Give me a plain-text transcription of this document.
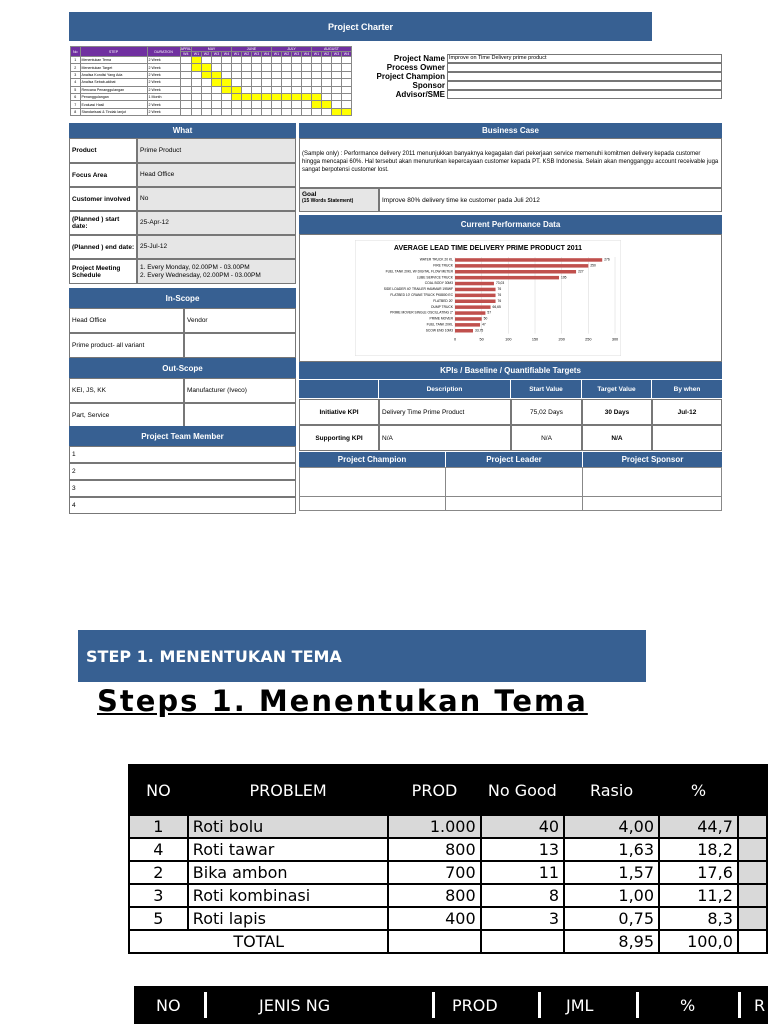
Project Charter
No	STEP	DURATION	APRIL	MAY				JUNE				JULY				AUGUST			
			W4	W1	W2	W3	W4	W1	W2	W3	W4	W1	W2	W3	W4	W1	W2	W3	W4
1	Menentukan Tema	2 Week																	
2	Menentukan Target	2 Week																	
3	Analisa Kondisi Yang Ada	2 Week																	
4	Analisa Sebab-akibat	2 Week																	
5	Rencana Penanggulangan	2 Week																	
6	Penanggulangan	1 Month																	
7	Evaluasi Hasil	2 Week																	
8	Standarisasi & Tindak lanjut	2 Week																	
Project Name Improve on Time Delivery prime product
Process Owner
Project Champion
Sponsor
Advisor/SME
What
Product	Prime Product
Focus Area	Head Office
Customer involved	No
(Planned ) start date:
25-Apr-12
(Planned ) end date: 25-Jul-12
Project Meeting Schedule
1. Every Monday, 02.00PM - 03.00PM
2. Every Wednesday, 02.00PM - 03.00PM
In-Scope
Head Office	Vendor
Prime product- all variant
Out-Scope
KEI, JS, KK	Manufacturer (Iveco)
Part, Service
Project Team Member
1
2
3
4
Business Case
(Sample only) : Performance delivery 2011 menunjukkan banyaknya kegagalan dari pekerjaan service memenuhi komitmen delivery kepada customer hingga mencapai 60%. Hal tersebut akan menurunkan kepercayaan customer kepada PT. KSB Indonesia. Selain akan mengganggu account receivable juga sangat berpotensi customer lost.
Goal
(15 Words Statement)	Improve 80% delivery time ke customer pada Juli 2012
Current Performance Data
AVERAGE LEAD TIME DELIVERY PRIME PRODUCT 2011
0	50	100	150	200	250	300
WATER TRUCK 20 KL	276
FIRE TRUCK	250
FUEL TANK 20KL W/ DIGITAL FLOW METER	227
LUBE SERVICE TRUCK	195
COAL BODY 30M3	73,03
SIDE LOADER 40' TRAILER HAMMAR 195WF	76
FLATBED 10' CRANE TRUCK PK8800 EC	76
FLATBED 20'	76
DUMP TRUCK	66,65
PRIME MOVER SINGLE OSCILLATING 2"	57
PRIME MOVER	50
FUEL TANK 20KL	47
SCOW END 10M3	33,75
KPIs / Baseline / Quantifiable Targets
Description	Start Value	Target Value	By when
Initiative KPI	Delivery Time Prime Product	75,02 Days	30 Days	Jul-12
Supporting KPI	N/A	N/A	N/A
Project Champion	Project Leader	Project Sponsor
STEP 1. MENENTUKAN TEMA
Steps 1. Menentukan Tema
NO	PROBLEM	PROD	No Good	Rasio	%	
1	Roti bolu	1.000	40	4,00	44,7	
4	Roti tawar	800	13	1,63	18,2	
2	Bika ambon	700	11	1,57	17,6	
3	Roti kombinasi	800	8	1,00	11,2	
5	Roti lapis	400	3	0,75	8,3	
TOTAL				8,95	100,0	
NO	JENIS NG	PROD	JML	%	R
